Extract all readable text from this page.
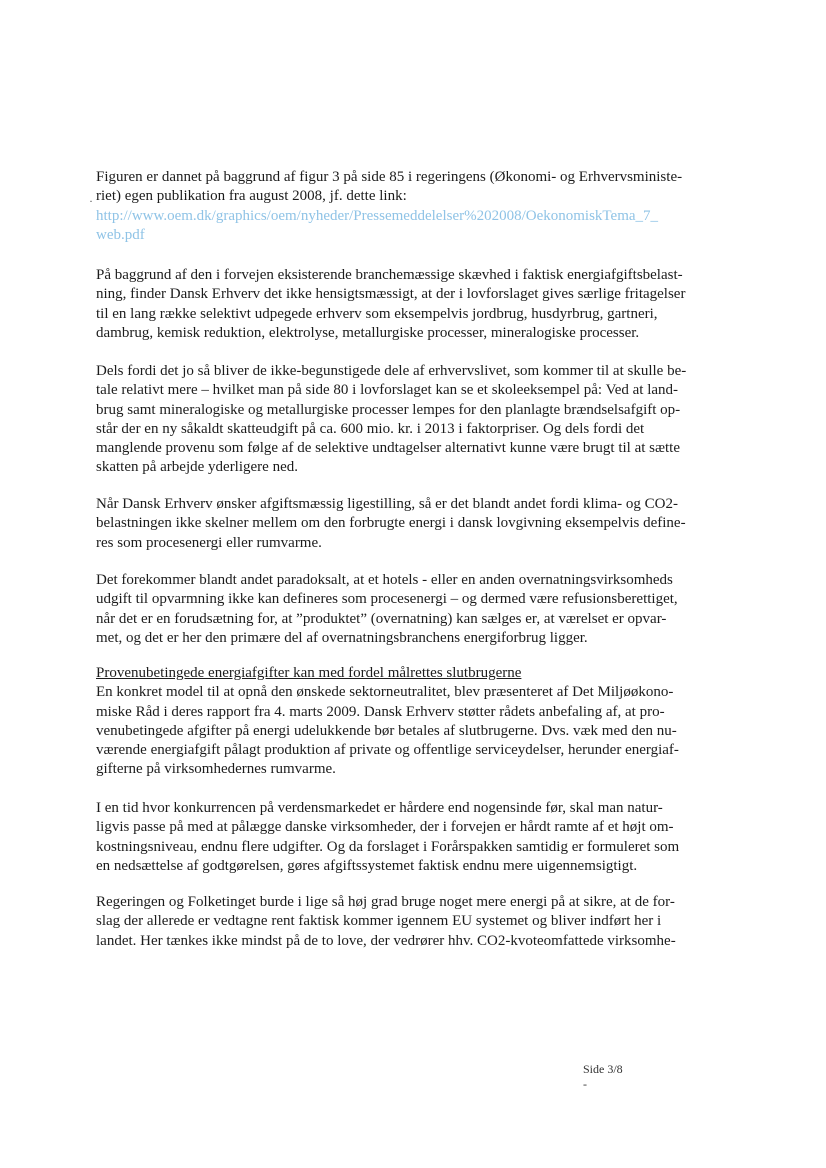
·
Figuren er dannet på baggrund af figur 3 på side 85 i regeringens (Økonomi- og Erhvervsministe-
riet) egen publikation fra august 2008, jf. dette link:
http://www.oem.dk/graphics/oem/nyheder/Pressemeddelelser%202008/OekonomiskTema_7_
web.pdf
På baggrund af den i forvejen eksisterende branchemæssige skævhed i faktisk energiafgiftsbelast-
ning, finder Dansk Erhverv det ikke hensigtsmæssigt, at der i lovforslaget gives særlige fritagelser
til en lang række selektivt udpegede erhverv som eksempelvis jordbrug, husdyrbrug, gartneri,
dambrug, kemisk reduktion, elektrolyse, metallurgiske processer, mineralogiske processer.
Dels fordi det jo så bliver de ikke-begunstigede dele af erhvervslivet, som kommer til at skulle be-
tale relativt mere – hvilket man på side 80 i lovforslaget kan se et skoleeksempel på: Ved at land-
brug samt mineralogiske og metallurgiske processer lempes for den planlagte brændselsafgift op-
står der en ny såkaldt skatteudgift på ca. 600 mio. kr. i 2013 i faktorpriser. Og dels fordi det
manglende provenu som følge af de selektive undtagelser alternativt kunne være brugt til at sætte
skatten på arbejde yderligere ned.
Når Dansk Erhverv ønsker afgiftsmæssig ligestilling, så er det blandt andet fordi klima- og CO2-
belastningen ikke skelner mellem om den forbrugte energi i dansk lovgivning eksempelvis define-
res som procesenergi eller rumvarme.
Det forekommer blandt andet paradoksalt, at et hotels - eller en anden overnatningsvirksomheds
udgift til opvarmning ikke kan defineres som procesenergi – og dermed være refusionsberettiget,
når det er en forudsætning for, at ”produktet” (overnatning) kan sælges er, at værelset er opvar-
met, og det er her den primære del af overnatningsbranchens energiforbrug ligger.
Provenubetingede energiafgifter kan med fordel målrettes slutbrugerne
En konkret model til at opnå den ønskede sektorneutralitet, blev præsenteret af Det Miljøøkono-
miske Råd i deres rapport fra 4. marts 2009. Dansk Erhverv støtter rådets anbefaling af, at pro-
venubetingede afgifter på energi udelukkende bør betales af slutbrugerne. Dvs. væk med den nu-
værende energiafgift pålagt produktion af private og offentlige serviceydelser, herunder energiaf-
gifterne på virksomhedernes rumvarme.
I en tid hvor konkurrencen på verdensmarkedet er hårdere end nogensinde før, skal man natur-
ligvis passe på med at pålægge danske virksomheder, der i forvejen er hårdt ramte af et højt om-
kostningsniveau, endnu flere udgifter. Og da forslaget i Forårspakken samtidig er formuleret som
en nedsættelse af godtgørelsen, gøres afgiftssystemet faktisk endnu mere uigennemsigtigt.
Regeringen og Folketinget burde i lige så høj grad bruge noget mere energi på at sikre, at de for-
slag der allerede er vedtagne rent faktisk kommer igennem EU systemet og bliver indført her i
landet. Her tænkes ikke mindst på de to love, der vedrører hhv. CO2-kvoteomfattede virksomhe-
Side 3/8
-
